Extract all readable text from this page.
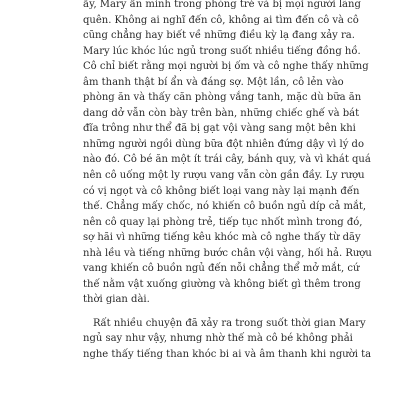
ấy, Mary ẩn mình trong phòng trẻ và bị mọi người lãng
quên. Không ai nghĩ đến cô, không ai tìm đến cô và cô
cũng chẳng hay biết về những điều kỳ lạ đang xảy ra.
Mary lúc khóc lúc ngủ trong suốt nhiều tiếng đồng hồ.
Cô chỉ biết rằng mọi người bị ốm và cô nghe thấy những
âm thanh thật bí ẩn và đáng sợ. Một lần, cô lẻn vào
phòng ăn và thấy căn phòng vắng tanh, mặc dù bữa ăn
dang dở vẫn còn bày trên bàn, những chiếc ghế và bát
đĩa trông như thể đã bị gạt vội vàng sang một bên khi
những người ngồi dùng bữa đột nhiên đứng dậy vì lý do
nào đó. Cô bé ăn một ít trái cây, bánh quy, và vì khát quá
nên cô uống một ly rượu vang vẫn còn gần đầy. Ly rượu
có vị ngọt và cô không biết loại vang này lại mạnh đến
thế. Chẳng mấy chốc, nó khiến cô buồn ngủ díp cả mắt,
nên cô quay lại phòng trẻ, tiếp tục nhốt mình trong đó,
sợ hãi vì những tiếng kêu khóc mà cô nghe thấy từ dãy
nhà lều và tiếng những bước chân vội vàng, hối hả. Rượu
vang khiến cô buồn ngủ đến nỗi chẳng thể mở mắt, cứ
thế nằm vật xuống giường và không biết gì thêm trong
thời gian dài.
Rất nhiều chuyện đã xảy ra trong suốt thời gian Mary
ngủ say như vậy, nhưng nhờ thế mà cô bé không phải
nghe thấy tiếng than khóc bi ai và âm thanh khi người ta
